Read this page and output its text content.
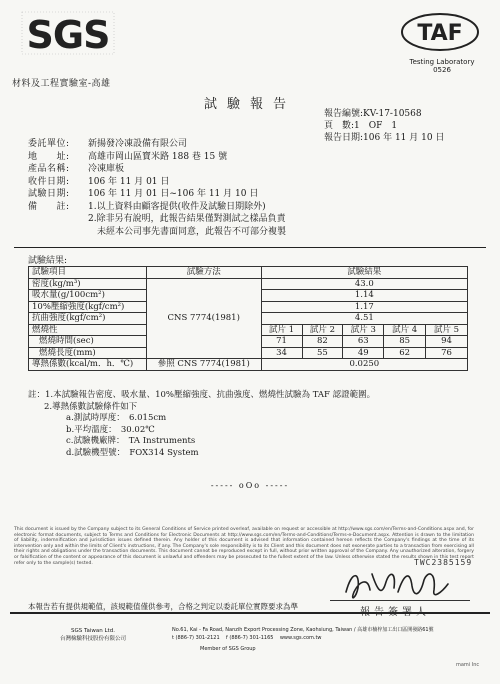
SGS
材料及工程實驗室-高雄
TAF
Testing Laboratory
0526
試驗報告
報告編號:KV-17-10568
頁　數:1　OF　1
報告日期:106 年 11 月 10 日
委託單位:	新揚發冷凍設備有限公司
地　　址:	高雄市岡山區寶米路 188 巷 15 號
產品名稱:	冷凍庫板
收件日期:	106 年 11 月 01 日
試驗日期:	106 年 11 月 01 日~106 年 11 月 10 日
備　　註:	1.以上資料由顧客提供(收件及試驗日期除外)
2.除非另有說明，此報告結果僅對測試之樣品負責
　未經本公司事先書面同意，此報告不可部分複製
試驗結果:
試驗項目	試驗方法	試驗結果				
密度(kg/m³)	CNS 7774(1981)	43.0				
吸水量(g/100cm²)		1.14				
10%壓縮強度(kgf/cm²)		1.17				
抗曲強度(kgf/cm²)		4.51				
燃燒性		試片 1	試片 2	試片 3	試片 4	試片 5
燃燒時間(sec)		71	82	63	85	94
燃燒長度(mm)		34	55	49	62	76
導熱係數(kcal/m．h．℃)	參照 CNS 7774(1981)	0.0250				
註：1.本試驗報告密度、吸水量、10%壓縮強度、抗曲強度、燃燒性試驗為 TAF 認證範圍。
2.導熱係數試驗條件如下
a.測試時厚度：　6.015cm
b.平均溫度：　30.02℃
c.試驗機廠牌：　TA Instruments
d.試驗機型號：　FOX314 System
----- oOo -----
This document is issued by the Company subject to its General Conditions of Service printed overleaf, available on request or accessible at http://www.sgs.com/en/Terms-and-Conditions.aspx and, for electronic format documents, subject to Terms and Conditions for Electronic Documents at http://www.sgs.com/en/Terms-and-Conditions/Terms-e-Document.aspx. Attention is drawn to the limitation of liability, indemnification and jurisdiction issues defined therein. Any holder of this document is advised that information contained hereon reflects the Company's findings at the time of its intervention only and within the limits of Client's instructions, if any. The Company's sole responsibility is to its Client and this document does not exonerate parties to a transaction from exercising all their rights and obligations under the transaction documents. This document cannot be reproduced except in full, without prior written approval of the Company. Any unauthorized alteration, forgery or falsification of the content or appearance of this document is unlawful and offenders may be prosecuted to the fullest extent of the law. Unless otherwise stated the results shown in this test report refer only to the sample(s) tested.	TWC2385159
報告簽署人
本報告若有提供規範值，該規範值僅供參考，合格之判定以委託單位實際要求為準
SGS Taiwan Ltd.
台灣檢驗科技股份有限公司
No.61, Kai - Fa Road, Nanzih Export Processing Zone, Kaohsiung, Taiwan / 高雄市楠梓加工出口區開發路61號
t (886-7) 301-2121 f (886-7) 301-1165 www.sgs.com.tw
Member of SGS Group
mami Inc
